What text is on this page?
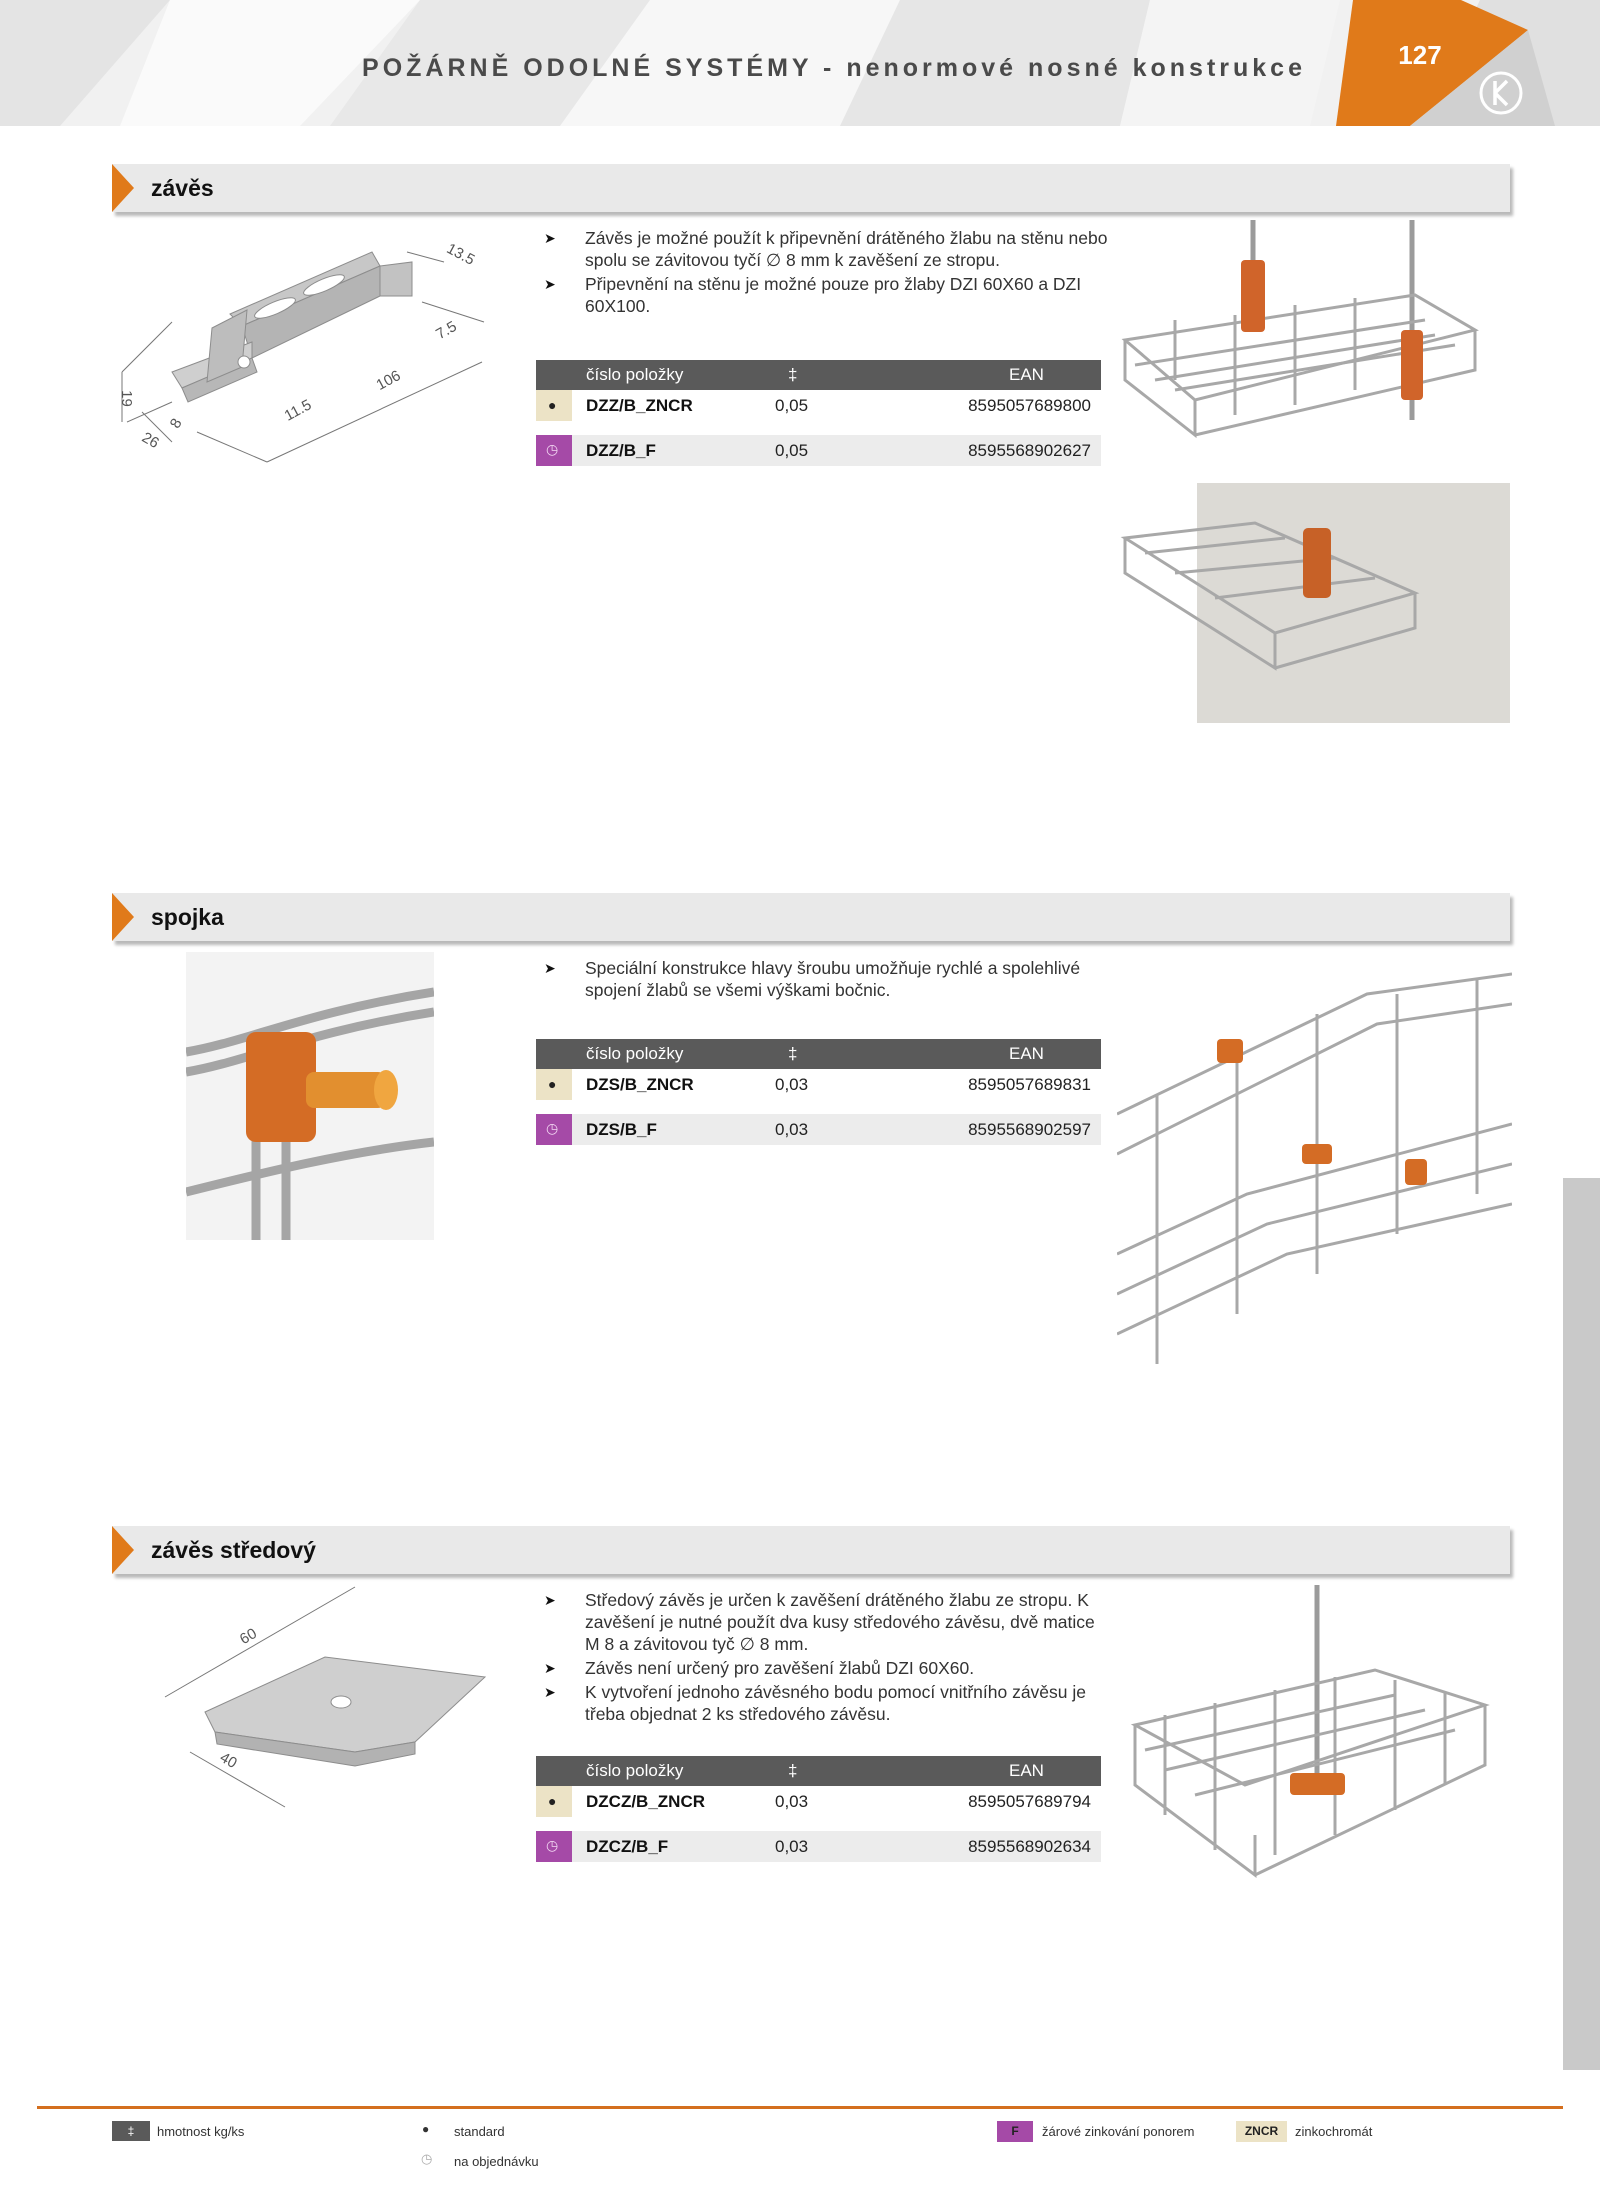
POŽÁRNĚ ODOLNÉ SYSTÉMY - nenormové nosné konstrukce	127
závěs
13.5
7.5
106
11.5
19
8
26
➤ Závěs je možné použít k připevnění drátěného žlabu na stěnu nebo spolu se závitovou tyčí ∅ 8 mm k zavěšení ze stropu.
➤ Připevnění na stěnu je možné pouze pro žlaby DZI 60X60 a DZI 60X100.
číslo položky	‡	EAN
● DZZ/B_ZNCR	0,05	8595057689800
◷ DZZ/B_F	0,05	8595568902627
spojka
➤ Speciální konstrukce hlavy šroubu umožňuje rychlé a spolehlivé spojení žlabů se všemi výškami bočnic.
číslo položky	‡	EAN
● DZS/B_ZNCR	0,03	8595057689831
◷ DZS/B_F	0,03	8595568902597
závěs středový
60
40
➤ Středový závěs je určen k zavěšení drátěného žlabu ze stropu. K zavěšení je nutné použít dva kusy středového závěsu, dvě matice M 8 a závitovou tyč ∅ 8 mm.
➤ Závěs není určený pro zavěšení žlabů DZI 60X60.
➤ K vytvoření jednoho závěsného bodu pomocí vnitřního závěsu je třeba objednat 2 ks středového závěsu.
číslo položky	‡	EAN
● DZCZ/B_ZNCR	0,03	8595057689794
◷ DZCZ/B_F	0,03	8595568902634
‡	hmotnost kg/ks	● standard
◷ na objednávku
F	žárové zinkování ponorem	ZNCR	zinkochromát
